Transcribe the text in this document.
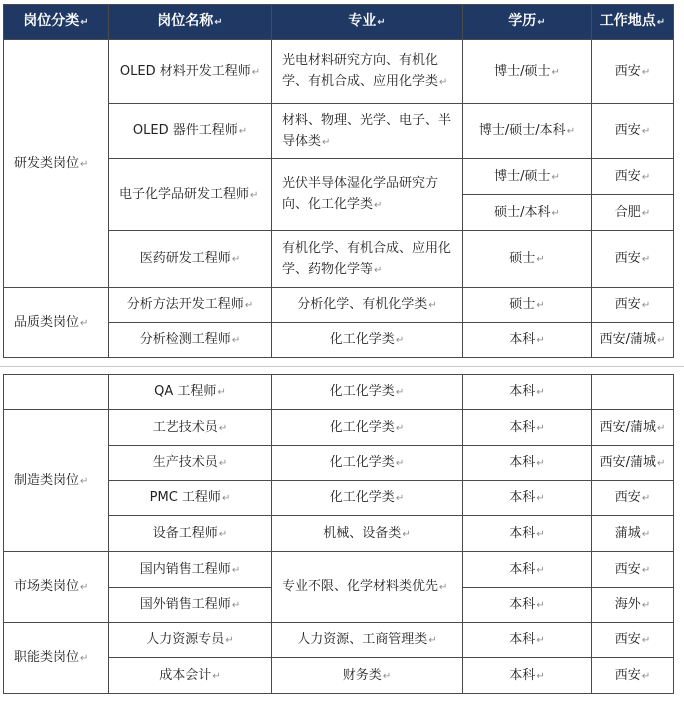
岗位分类↵	岗位名称↵	专业↵	学历↵	工作地点↵
研发类岗位↵	OLED 材料开发工程师↵	光电材料研究方向、有机化学、有机合成、应用化学类↵	博士/硕士↵	西安↵
	OLED 器件工程师↵	材料、物理、光学、电子、半导体类↵	博士/硕士/本科↵	西安↵
	电子化学品研发工程师↵	光伏半导体湿化学品研究方向、化工化学类↵	博士/硕士↵	西安↵
			硕士/本科↵	合肥↵
	医药研发工程师↵	有机化学、有机合成、应用化学、药物化学等↵	硕士↵	西安↵
品质类岗位↵	分析方法开发工程师↵	分析化学、有机化学类↵	硕士↵	西安↵
	分析检测工程师↵	化工化学类↵	本科↵	西安/蒲城↵
	QA 工程师↵	化工化学类↵	本科↵	
制造类岗位↵	工艺技术员↵	化工化学类↵	本科↵	西安/蒲城↵
	生产技术员↵	化工化学类↵	本科↵	西安/蒲城↵
	PMC 工程师↵	化工化学类↵	本科↵	西安↵
	设备工程师↵	机械、设备类↵	本科↵	蒲城↵
市场类岗位↵	国内销售工程师↵	专业不限、化学材料类优先↵	本科↵	西安↵
	国外销售工程师↵		本科↵	海外↵
职能类岗位↵	人力资源专员↵	人力资源、工商管理类↵	本科↵	西安↵
	成本会计↵	财务类↵	本科↵	西安↵
